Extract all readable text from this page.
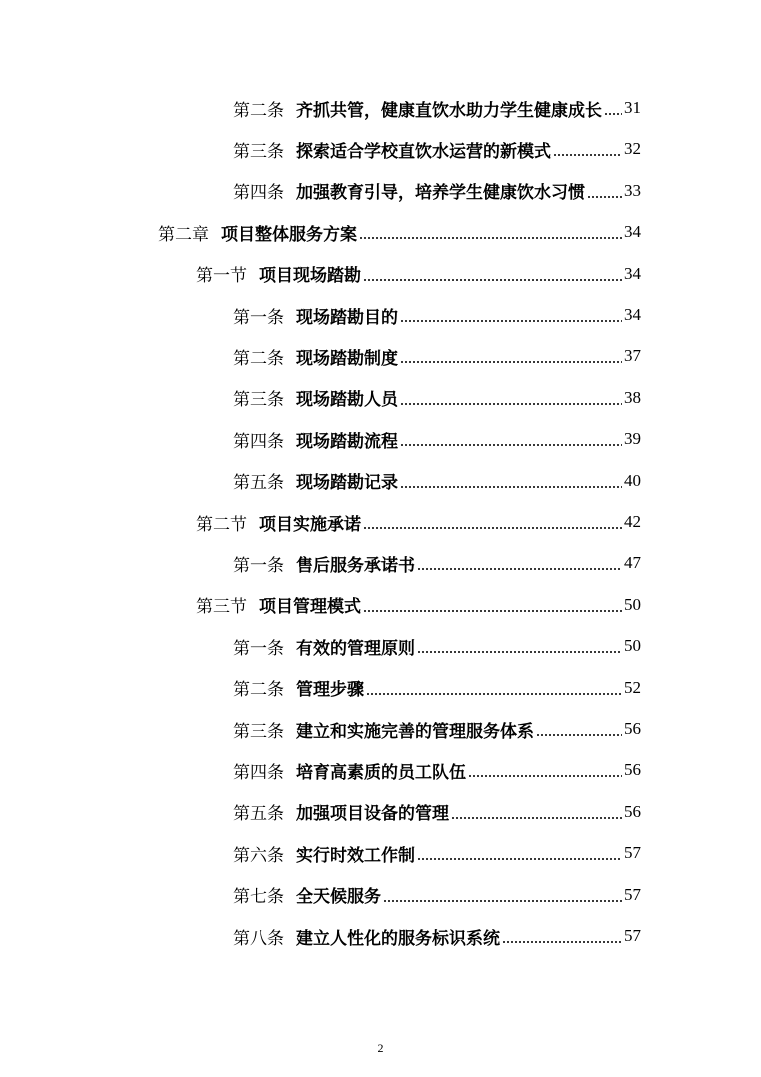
第二条 齐抓共管，健康直饮水助力学生健康成长 31
第三条 探索适合学校直饮水运营的新模式	32
第四条 加强教育引导，培养学生健康饮水习惯 33
第二章 项目整体服务方案	34
第一节 项目现场踏勘	34
第一条 现场踏勘目的	34
第二条 现场踏勘制度	37
第三条 现场踏勘人员	38
第四条 现场踏勘流程	39
第五条 现场踏勘记录	40
第二节 项目实施承诺	42
第一条 售后服务承诺书	47
第三节 项目管理模式	50
第一条 有效的管理原则	50
第二条 管理步骤	52
第三条 建立和实施完善的管理服务体系	56
第四条 培育高素质的员工队伍	56
第五条 加强项目设备的管理	56
第六条 实行时效工作制	57
第七条 全天候服务	57
第八条 建立人性化的服务标识系统	57
2
